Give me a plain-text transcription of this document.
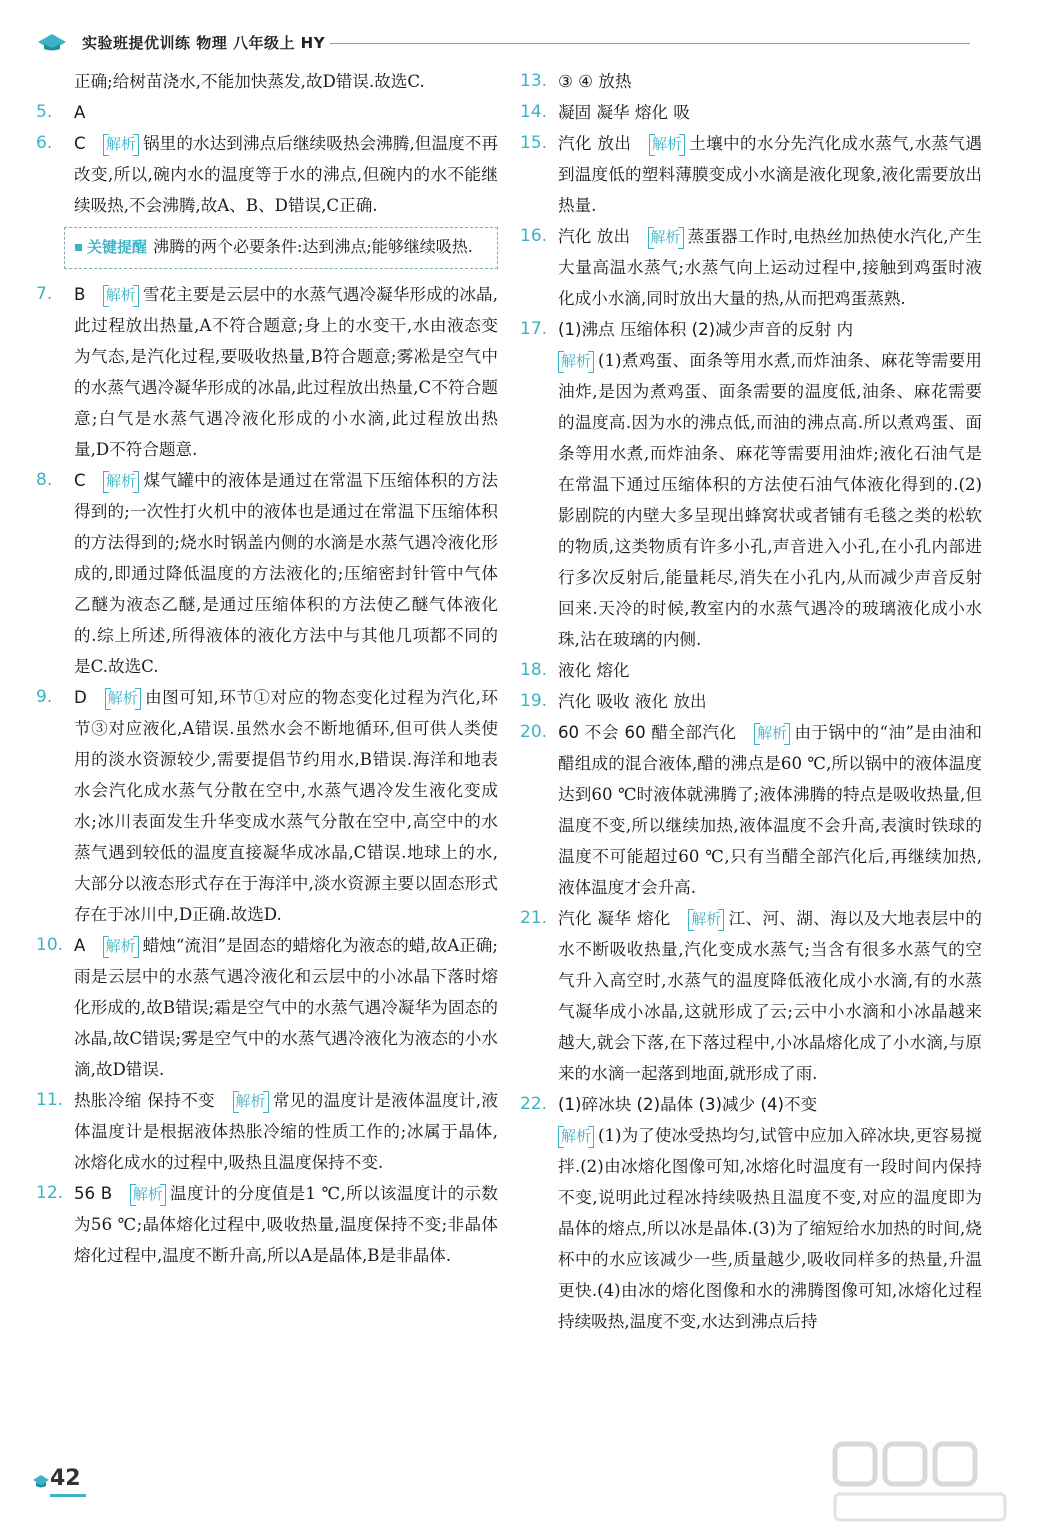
实验班提优训练 物理 八年级上 HY
正确;给树苗浇水,不能加快蒸发,故D错误.故选C.
5. A
6. C 解析 锅里的水达到沸点后继续吸热会沸腾,但温度不再改变,所以,碗内水的温度等于水的沸点,但碗内的水不能继续吸热,不会沸腾,故A、B、D错误,C正确.
关键提醒 沸腾的两个必要条件:达到沸点;能够继续吸热.
7. B 解析 雪花主要是云层中的水蒸气遇冷凝华形成的冰晶,此过程放出热量,A不符合题意;身上的水变干,水由液态变为气态,是汽化过程,要吸收热量,B符合题意;雾凇是空气中的水蒸气遇冷凝华形成的冰晶,此过程放出热量,C不符合题意;白气是水蒸气遇冷液化形成的小水滴,此过程放出热量,D不符合题意.
8. C 解析 煤气罐中的液体是通过在常温下压缩体积的方法得到的;一次性打火机中的液体也是通过在常温下压缩体积的方法得到的;烧水时锅盖内侧的水滴是水蒸气遇冷液化形成的,即通过降低温度的方法液化的;压缩密封针管中气体乙醚为液态乙醚,是通过压缩体积的方法使乙醚气体液化的.综上所述,所得液体的液化方法中与其他几项都不同的是C.故选C.
9. D 解析 由图可知,环节①对应的物态变化过程为汽化,环节③对应液化,A错误.虽然水会不断地循环,但可供人类使用的淡水资源较少,需要提倡节约用水,B错误.海洋和地表水会汽化成水蒸气分散在空中,水蒸气遇冷发生液化变成水;冰川表面发生升华变成水蒸气分散在空中,高空中的水蒸气遇到较低的温度直接凝华成冰晶,C错误.地球上的水,大部分以液态形式存在于海洋中,淡水资源主要以固态形式存在于冰川中,D正确.故选D.
10. A 解析 蜡烛“流泪”是固态的蜡熔化为液态的蜡,故A正确;雨是云层中的水蒸气遇冷液化和云层中的小冰晶下落时熔化形成的,故B错误;霜是空气中的水蒸气遇冷凝华为固态的冰晶,故C错误;雾是空气中的水蒸气遇冷液化为液态的小水滴,故D错误.
11. 热胀冷缩 保持不变 解析 常见的温度计是液体温度计,液体温度计是根据液体热胀冷缩的性质工作的;冰属于晶体,冰熔化成水的过程中,吸热且温度保持不变.
12. 56 B 解析 温度计的分度值是1 ℃,所以该温度计的示数为56 ℃;晶体熔化过程中,吸收热量,温度保持不变;非晶体熔化过程中,温度不断升高,所以A是晶体,B是非晶体.
13. ③ ④ 放热
14. 凝固 凝华 熔化 吸
15. 汽化 放出 解析 土壤中的水分先汽化成水蒸气,水蒸气遇到温度低的塑料薄膜变成小水滴是液化现象,液化需要放出热量.
16. 汽化 放出 解析 蒸蛋器工作时,电热丝加热使水汽化,产生大量高温水蒸气;水蒸气向上运动过程中,接触到鸡蛋时液化成小水滴,同时放出大量的热,从而把鸡蛋蒸熟.
17. (1)沸点 压缩体积 (2)减少声音的反射 内
解析 (1)煮鸡蛋、面条等用水煮,而炸油条、麻花等需要用油炸,是因为煮鸡蛋、面条需要的温度低,油条、麻花需要的温度高.因为水的沸点低,而油的沸点高.所以煮鸡蛋、面条等用水煮,而炸油条、麻花等需要用油炸;液化石油气是在常温下通过压缩体积的方法使石油气体液化得到的.(2)影剧院的内壁大多呈现出蜂窝状或者铺有毛毯之类的松软的物质,这类物质有许多小孔,声音进入小孔,在小孔内部进行多次反射后,能量耗尽,消失在小孔内,从而减少声音反射回来.天冷的时候,教室内的水蒸气遇冷的玻璃液化成小水珠,沾在玻璃的内侧.
18. 液化 熔化
19. 汽化 吸收 液化 放出
20. 60 不会 60 醋全部汽化 解析 由于锅中的“油”是由油和醋组成的混合液体,醋的沸点是60 ℃,所以锅中的液体温度达到60 ℃时液体就沸腾了;液体沸腾的特点是吸收热量,但温度不变,所以继续加热,液体温度不会升高,表演时铁球的温度不可能超过60 ℃,只有当醋全部汽化后,再继续加热,液体温度才会升高.
21. 汽化 凝华 熔化 解析 江、河、湖、海以及大地表层中的水不断吸收热量,汽化变成水蒸气;当含有很多水蒸气的空气升入高空时,水蒸气的温度降低液化成小水滴,有的水蒸气凝华成小冰晶,这就形成了云;云中小水滴和小冰晶越来越大,就会下落,在下落过程中,小冰晶熔化成了小水滴,与原来的水滴一起落到地面,就形成了雨.
22. (1)碎冰块 (2)晶体 (3)减少 (4)不变
解析 (1)为了使冰受热均匀,试管中应加入碎冰块,更容易搅拌.(2)由冰熔化图像可知,冰熔化时温度有一段时间内保持不变,说明此过程冰持续吸热且温度不变,对应的温度即为晶体的熔点,所以冰是晶体.(3)为了缩短给水加热的时间,烧杯中的水应该减少一些,质量越少,吸收同样多的热量,升温更快.(4)由冰的熔化图像和水的沸腾图像可知,冰熔化过程持续吸热,温度不变,水达到沸点后持
42
